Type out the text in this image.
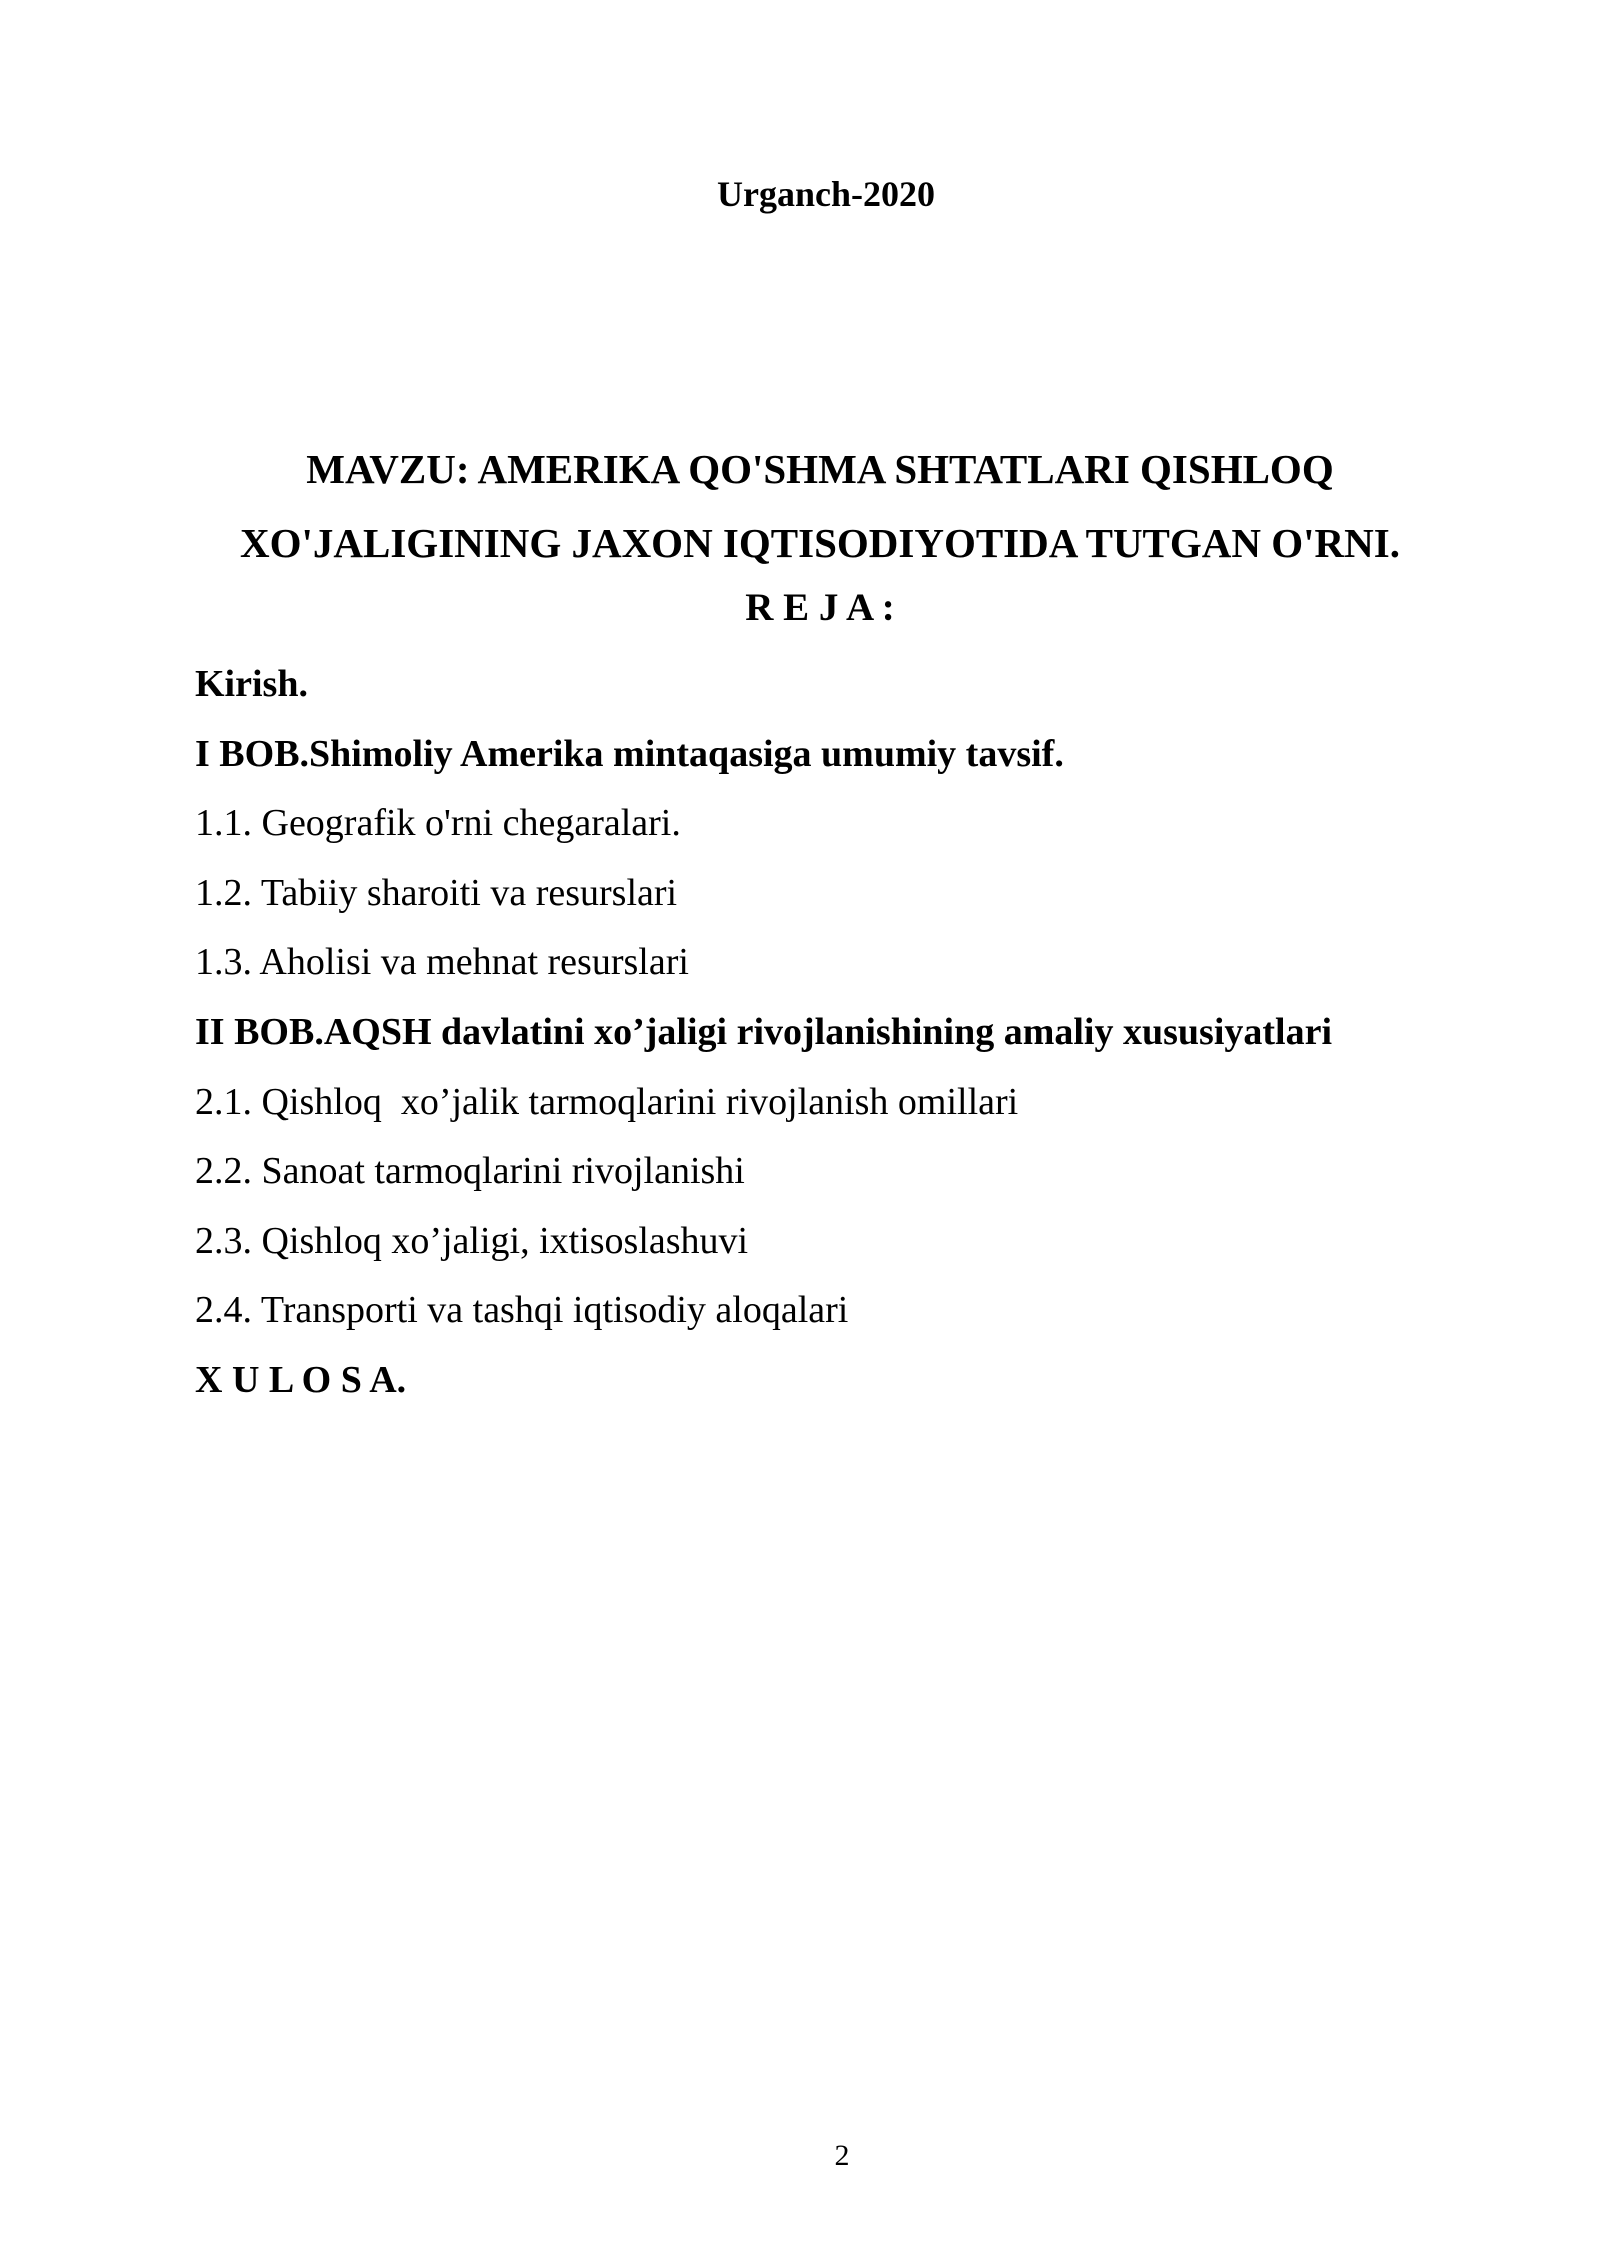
Urganch-2020
MAVZU: AMERIKA QO'SHMA SHTATLARI QISHLOQ
XO'JALIGINING JAXON IQTISODIYOTIDA TUTGAN O'RNI.
R E J A :
Kirish.
I BOB.Shimoliy Amerika mintaqasiga umumiy tavsif.
1.1. Geografik o'rni chegaralari.
1.2. Tabiiy sharoiti va resurslari
1.3. Aholisi va mehnat resurslari
II BOB.AQSH davlatini xo’jaligi rivojlanishining amaliy xususiyatlari
2.1. Qishloq  xo’jalik tarmoqlarini rivojlanish omillari
2.2. Sanoat tarmoqlarini rivojlanishi
2.3. Qishloq xo’jaligi, ixtisoslashuvi
2.4. Transporti va tashqi iqtisodiy aloqalari
X U L O S A.
2
